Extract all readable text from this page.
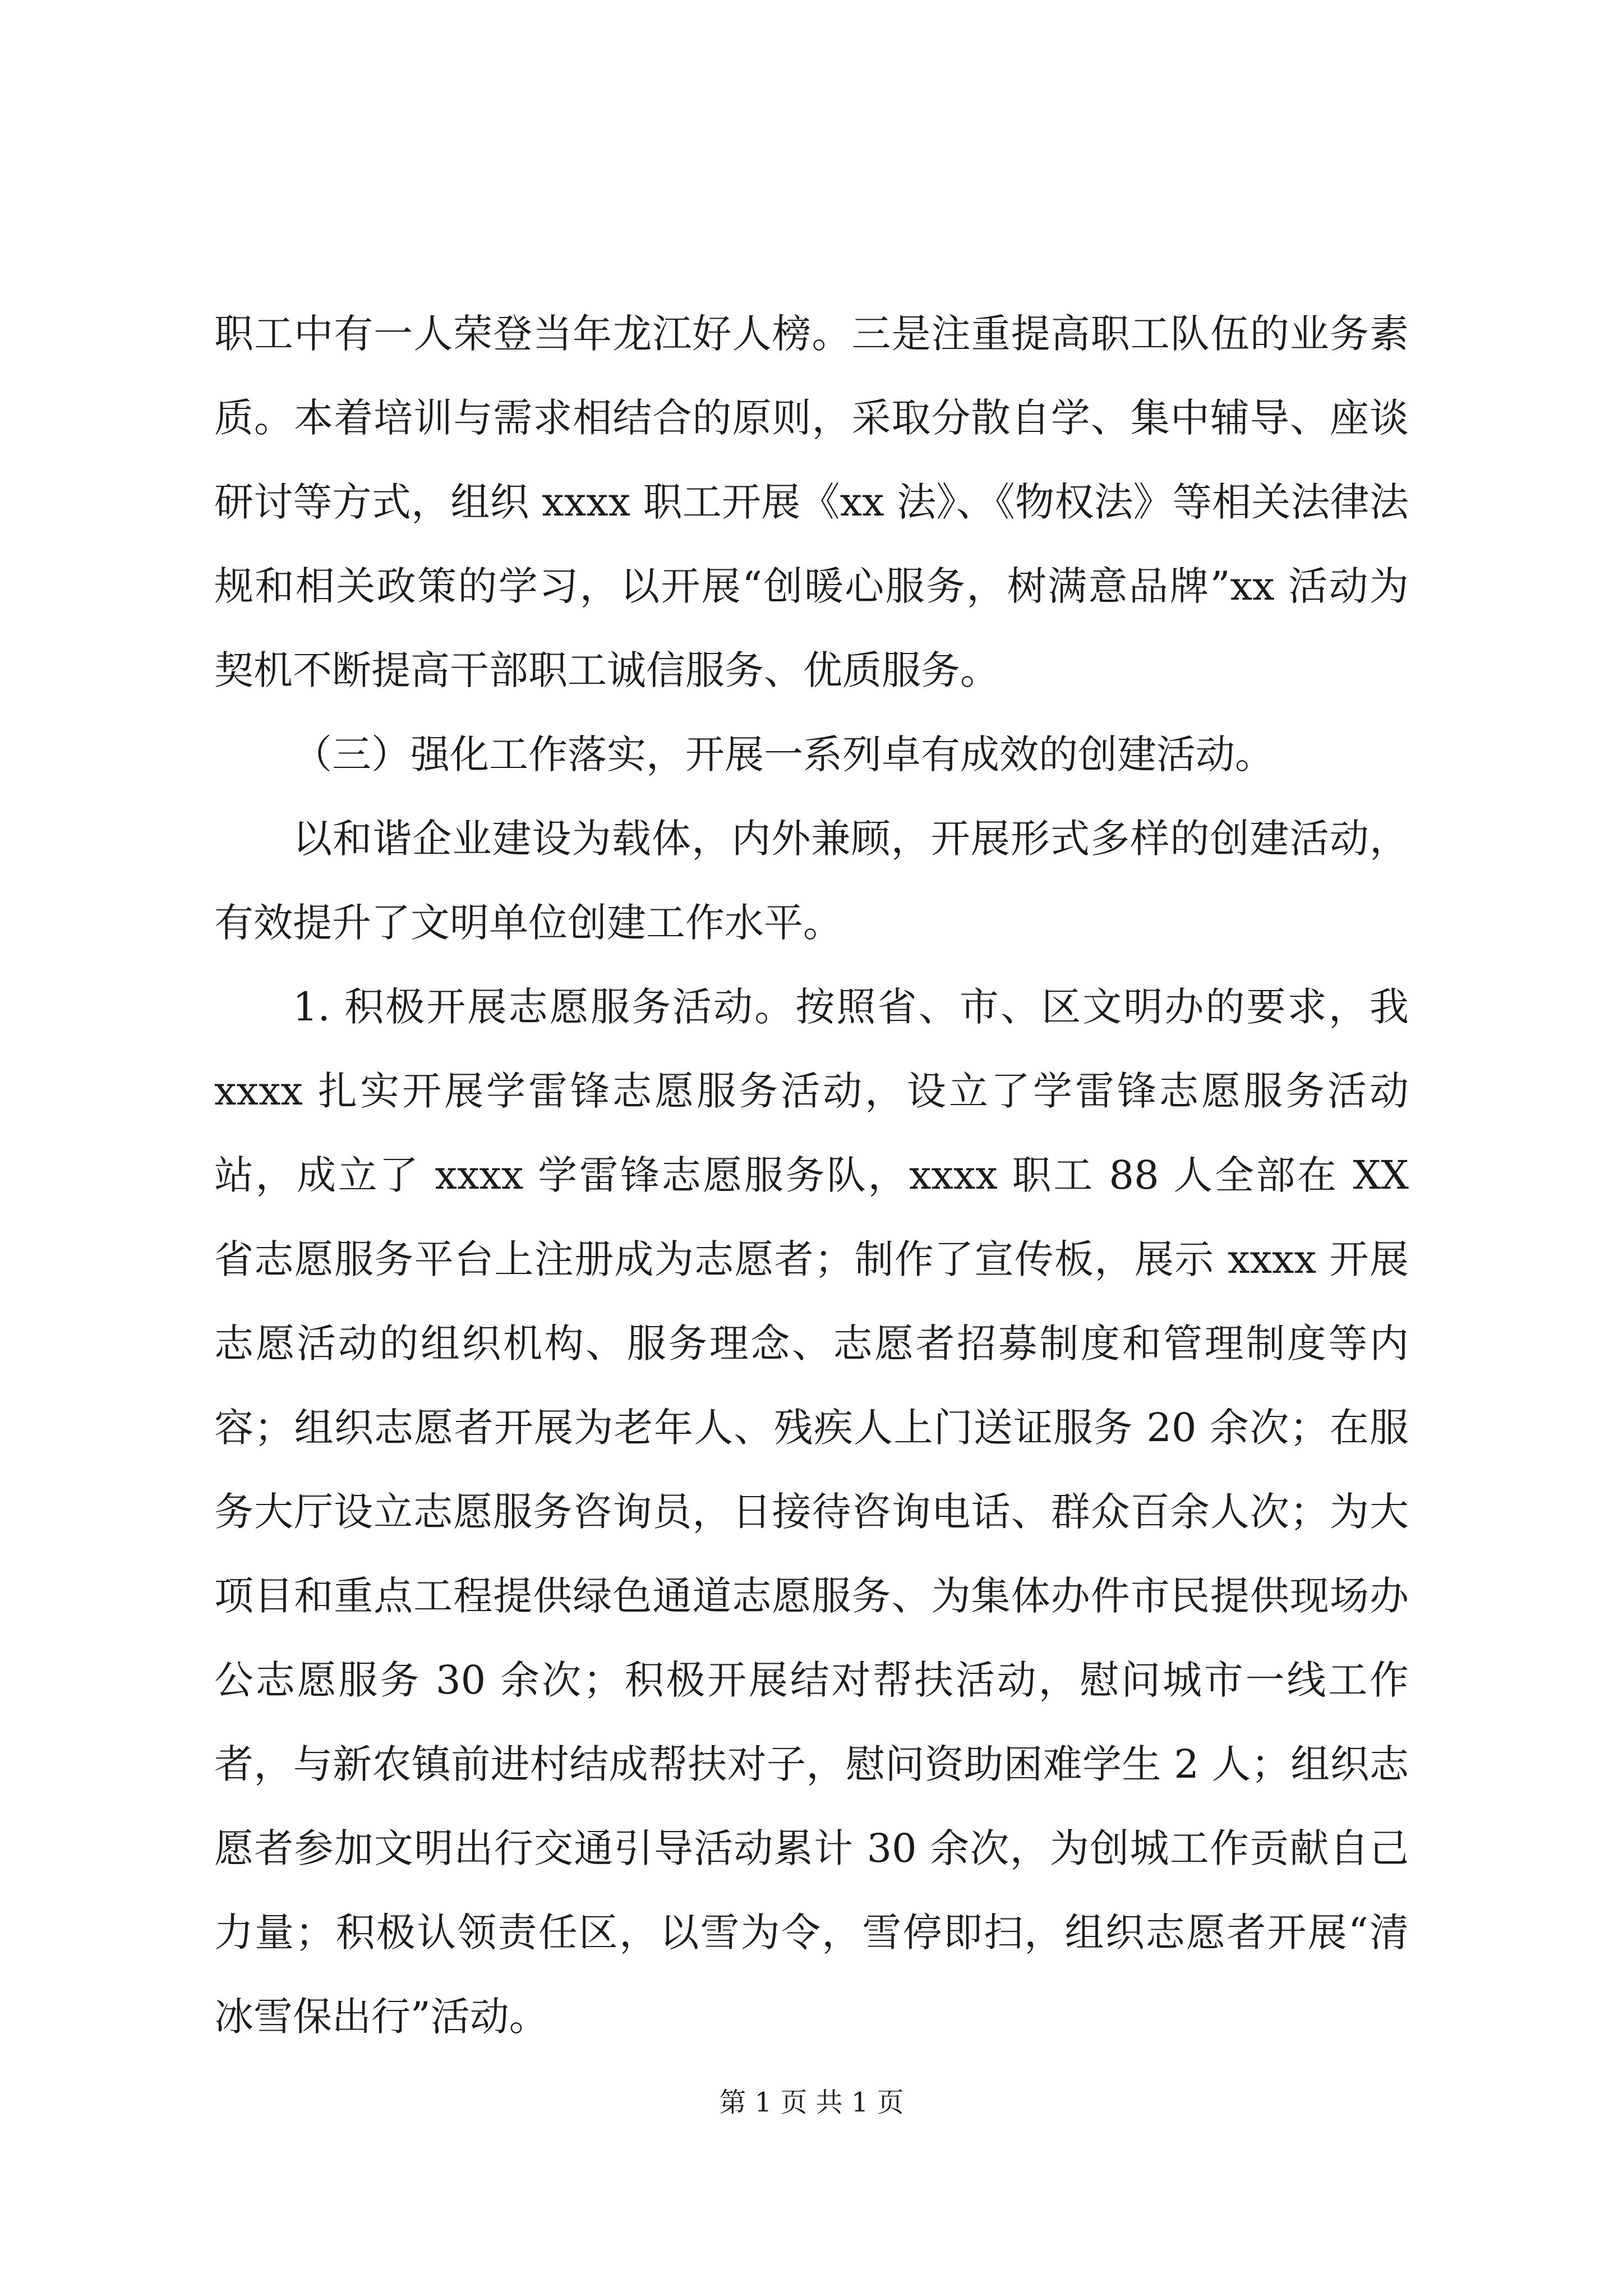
职工中有一人荣登当年龙江好人榜。三是注重提高职工队伍的业务素质。本着培训与需求相结合的原则，采取分散自学、集中辅导、座谈研讨等方式，组织 xxxx 职工开展《xx 法》、《物权法》等相关法律法规和相关政策的学习，以开展“创暖心服务，树满意品牌”xx 活动为契机不断提高干部职工诚信服务、优质服务。

（三）强化工作落实，开展一系列卓有成效的创建活动。

以和谐企业建设为载体，内外兼顾，开展形式多样的创建活动，有效提升了文明单位创建工作水平。

1. 积极开展志愿服务活动。按照省、市、区文明办的要求，我 xxxx 扎实开展学雷锋志愿服务活动，设立了学雷锋志愿服务活动站，成立了 xxxx 学雷锋志愿服务队，xxxx 职工 88 人全部在 XX 省志愿服务平台上注册成为志愿者；制作了宣传板，展示 xxxx 开展志愿活动的组织机构、服务理念、志愿者招募制度和管理制度等内容；组织志愿者开展为老年人、残疾人上门送证服务 20 余次；在服务大厅设立志愿服务咨询员，日接待咨询电话、群众百余人次；为大项目和重点工程提供绿色通道志愿服务、为集体办件市民提供现场办公志愿服务 30 余次；积极开展结对帮扶活动，慰问城市一线工作者，与新农镇前进村结成帮扶对子，慰问资助困难学生 2 人；组织志愿者参加文明出行交通引导活动累计 30 余次，为创城工作贡献自己力量；积极认领责任区，以雪为令，雪停即扫，组织志愿者开展“清冰雪保出行”活动。

第 1 页 共 1 页
